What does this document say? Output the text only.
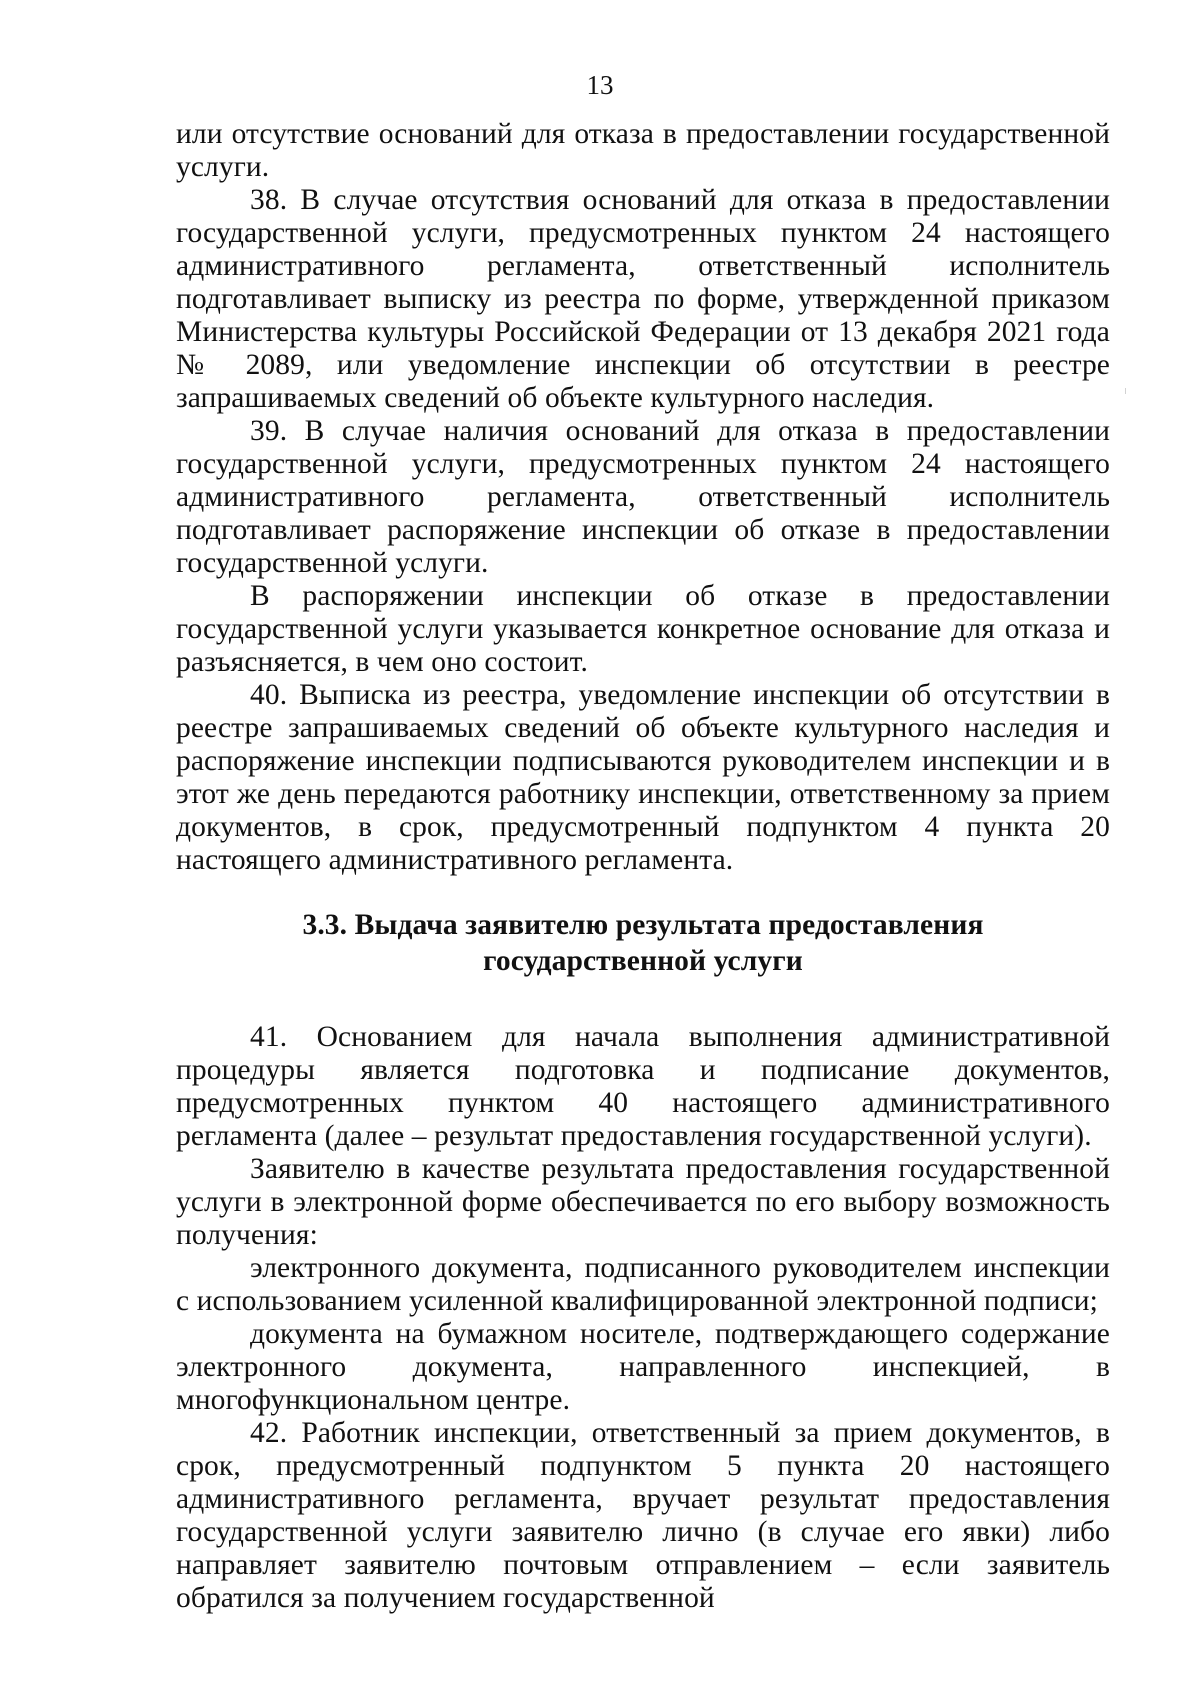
13

или отсутствие оснований для отказа в предоставлении государственной услуги.

38. В случае отсутствия оснований для отказа в предоставлении государственной услуги, предусмотренных пунктом 24 настоящего административного регламента, ответственный исполнитель подготавливает выписку из реестра по форме, утвержденной приказом Министерства культуры Российской Федерации от 13 декабря 2021 года № 2089, или уведомление инспекции об отсутствии в реестре запрашиваемых сведений об объекте культурного наследия.

39. В случае наличия оснований для отказа в предоставлении государственной услуги, предусмотренных пунктом 24 настоящего административного регламента, ответственный исполнитель подготавливает распоряжение инспекции об отказе в предоставлении государственной услуги.

В распоряжении инспекции об отказе в предоставлении государственной услуги указывается конкретное основание для отказа и разъясняется, в чем оно состоит.

40. Выписка из реестра, уведомление инспекции об отсутствии в реестре запрашиваемых сведений об объекте культурного наследия и распоряжение инспекции подписываются руководителем инспекции и в этот же день передаются работнику инспекции, ответственному за прием документов, в срок, предусмотренный подпунктом 4 пункта 20 настоящего административного регламента.

3.3. Выдача заявителю результата предоставления
государственной услуги

41. Основанием для начала выполнения административной процедуры является подготовка и подписание документов, предусмотренных пунктом 40 настоящего административного регламента (далее – результат предоставления государственной услуги).

Заявителю в качестве результата предоставления государственной услуги в электронной форме обеспечивается по его выбору возможность получения:

электронного документа, подписанного руководителем инспекции с использованием усиленной квалифицированной электронной подписи;

документа на бумажном носителе, подтверждающего содержание электронного документа, направленного инспекцией, в многофункциональном центре.

42. Работник инспекции, ответственный за прием документов, в срок, предусмотренный подпунктом 5 пункта 20 настоящего административного регламента, вручает результат предоставления государственной услуги заявителю лично (в случае его явки) либо направляет заявителю почтовым отправлением – если заявитель обратился за получением государственной
